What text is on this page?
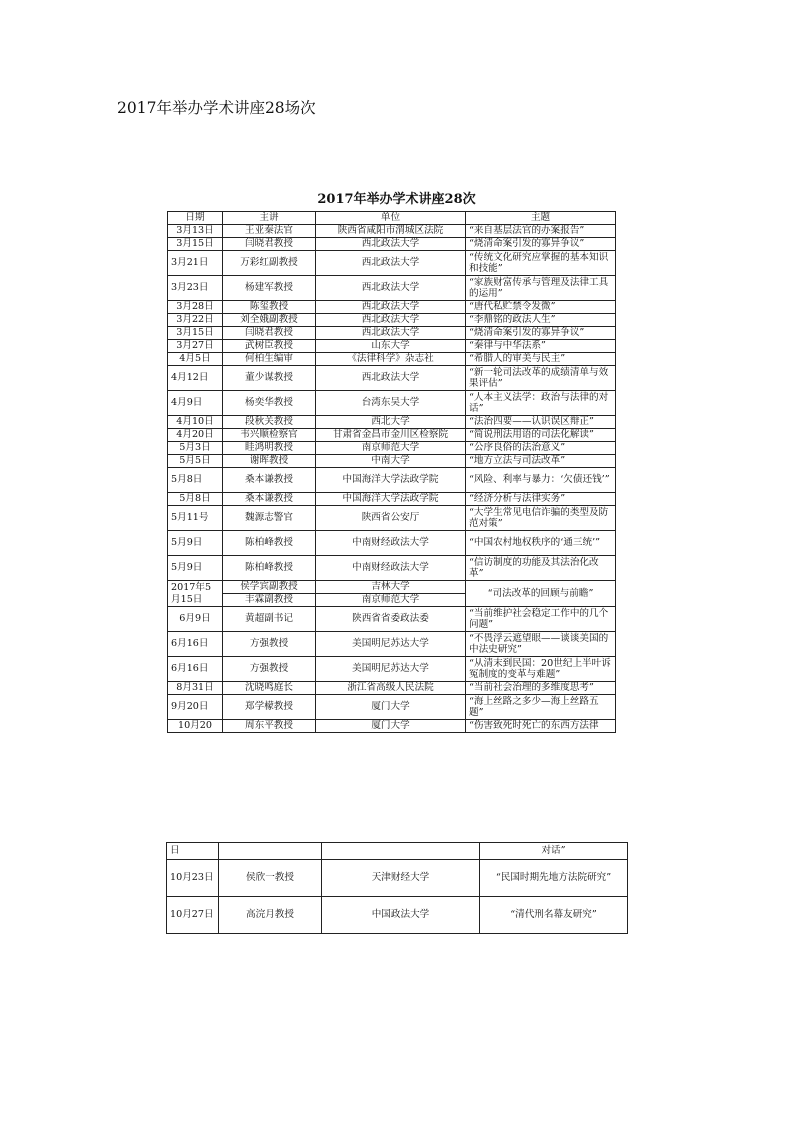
2017年举办学术讲座28场次
2017年举办学术讲座28次
日期	主讲	单位	主题
3月13日	王亚秦法官	陕西省咸阳市渭城区法院	“来自基层法官的办案报告”
3月15日	闫晓君教授	西北政法大学	“烧清命案引发的寡异争议”
3月21日	万彩红副教授	西北政法大学	“传统文化研究应掌握的基本知识和技能”
3月23日	杨建军教授	西北政法大学	“家族财富传承与管理及法律工具的运用”
3月28日	陈玺教授	西北政法大学	“唐代私贮禁令发微”
3月22日	刘全娥副教授	西北政法大学	“李鼎铭的政法人生”
3月15日	闫晓君教授	西北政法大学	“烧清命案引发的寡异争议”
3月27日	武树臣教授	山东大学	“秦律与中华法系”
4月5日	何柏生编审	《法律科学》杂志社	“希腊人的审美与民主”
4月12日	董少谋教授	西北政法大学	“新一轮司法改革的成绩清单与效果评估”
4月9日	杨奕华教授	台湾东吴大学	“人本主义法学：政治与法律的对话”
4月10日	段秋关教授	西北大学	“法治四要——认识误区辩正”
4月20日	韦兴顺检察官	甘肃省金昌市金川区检察院	“简说刑法用语的司法化解读”
5月3日	眭鸿明教授	南京师范大学	“公序良俗的法治意义”
5月5日	谢晖教授	中南大学	“地方立法与司法改革”
5月8日	桑本谦教授	中国海洋大学法政学院	“风险、利率与暴力：‘欠债还钱’”
5月8日	桑本谦教授	中国海洋大学法政学院	“经济分析与法律实务”
5月11号	魏源志警官	陕西省公安厅	“大学生常见电信诈骗的类型及防范对策”
5月9日	陈柏峰教授	中南财经政法大学	“中国农村地权秩序的‘通三统’”
5月9日	陈柏峰教授	中南财经政法大学	“信访制度的功能及其法治化改革”
2017年5月15日	侯学宾副教授	吉林大学	“司法改革的回顾与前瞻”
	丰霖副教授	南京师范大学	
6月9日	黄超副书记	陕西省省委政法委	“当前维护社会稳定工作中的几个问题”
6月16日	方强教授	美国明尼苏达大学	“不畏浮云遮望眼——谈谈美国的中法史研究”
6月16日	方强教授	美国明尼苏达大学	“从清末到民国：20世纪上半叶诉冤制度的变革与难题”
8月31日	沈晓鸣庭长	浙江省高级人民法院	“当前社会治理的多维度思考”
9月20日	郑学檬教授	厦门大学	“海上丝路之多少—海上丝路五题”
10月20	周东平教授	厦门大学	“伤害致死时死亡的东西方法律
日			对话”
10月23日	侯欣一教授	天津财经大学	“民国时期先地方法院研究”
10月27日	高浣月教授	中国政法大学	“清代刑名幕友研究”
